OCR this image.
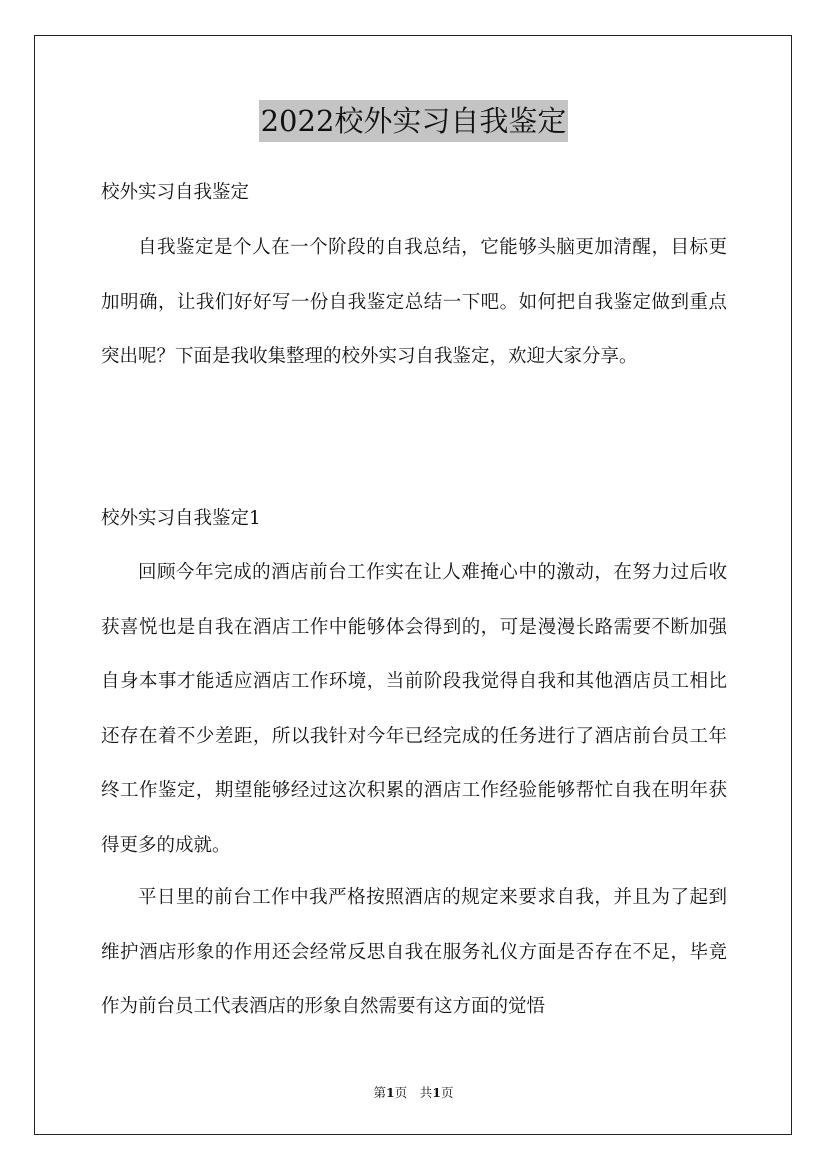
2022校外实习自我鉴定

校外实习自我鉴定

自我鉴定是个人在一个阶段的自我总结，它能够头脑更加清醒，目标更加明确，让我们好好写一份自我鉴定总结一下吧。如何把自我鉴定做到重点突出呢？下面是我收集整理的校外实习自我鉴定，欢迎大家分享。

校外实习自我鉴定1

回顾今年完成的酒店前台工作实在让人难掩心中的激动，在努力过后收获喜悦也是自我在酒店工作中能够体会得到的，可是漫漫长路需要不断加强自身本事才能适应酒店工作环境，当前阶段我觉得自我和其他酒店员工相比还存在着不少差距，所以我针对今年已经完成的任务进行了酒店前台员工年终工作鉴定，期望能够经过这次积累的酒店工作经验能够帮忙自我在明年获得更多的成就。

平日里的前台工作中我严格按照酒店的规定来要求自我，并且为了起到维护酒店形象的作用还会经常反思自我在服务礼仪方面是否存在不足，毕竟作为前台员工代表酒店的形象自然需要有这方面的觉悟

第1页　共1页
